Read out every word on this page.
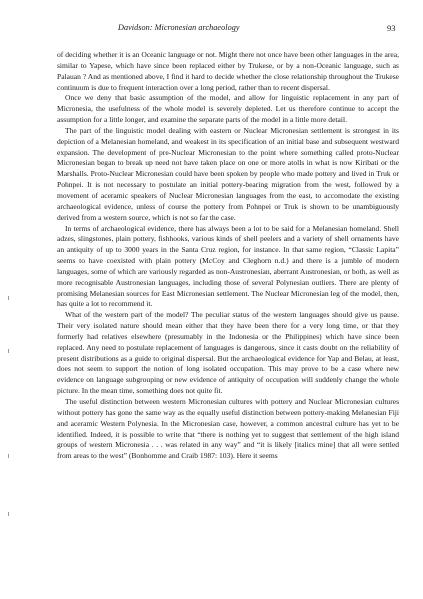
Davidson: Micronesian archaeology	93

of deciding whether it is an Oceanic language or not. Might there not once have been other languages in the area, similar to Yapese, which have since been replaced either by Trukese, or by a non-Oceanic language, such as Palauan ? And as mentioned above, I find it hard to decide whether the close relationship throughout the Trukese continuum is due to frequent interaction over a long period, rather than to recent dispersal.

Once we deny that basic assumption of the model, and allow for linguistic replacement in any part of Micronesia, the usefulness of the whole model is severely depleted. Let us therefore continue to accept the assumption for a little longer, and examine the separate parts of the model in a little more detail.

The part of the linguistic model dealing with eastern or Nuclear Micronesian settlement is strongest in its depiction of a Melanesian homeland, and weakest in its specification of an initial base and subsequent westward expansion. The development of pre-Nuclear Micronesian to the point where something called proto-Nuclear Micronesian began to break up need not have taken place on one or more atolls in what is now Kiribati or the Marshalls. Proto-Nuclear Micronesian could have been spoken by people who made pottery and lived in Truk or Pohnpei. It is not necessary to postulate an initial pottery-bearing migration from the west, followed by a movement of aceramic speakers of Nuclear Micronesian languages from the east, to accomodate the existing archaeological evidence, unless of course the pottery from Pohnpei or Truk is shown to be unambiguously derived from a western source, which is not so far the case.

In terms of archaeological evidence, there has always been a lot to be said for a Melanesian homeland. Shell adzes, slingstones, plain pottery, fishhooks, various kinds of shell peelers and a variety of shell ornaments have an antiquity of up to 3000 years in the Santa Cruz region, for instance. In that same region, “Classic Lapita” seems to have coexisted with plain pottery (McCoy and Cleghorn n.d.) and there is a jumble of modern languages, some of which are variously regarded as non-Austronesian, aberrant Austronesian, or both, as well as more recognisable Austronesian languages, including those of several Polynesian outliers. There are plenty of promising Melanesian sources for East Micronesian settlement. The Nuclear Micronesian leg of the model, then, has quite a lot to recommend it.

What of the western part of the model? The peculiar status of the western languages should give us pause. Their very isolated nature should mean either that they have been there for a very long time, or that they formerly had relatives elsewhere (presumably in the Indonesia or the Philippines) which have since been replaced. Any need to postulate replacement of languages is dangerous, since it casts doubt on the reliability of present distributions as a guide to original dispersal. But the archaeological evidence for Yap and Belau, at least, does not seem to support the notion of long isolated occupation. This may prove to be a case where new evidence on language subgrouping or new evidence of antiquity of occupation will suddenly change the whole picture. In the mean time, something does not quite fit.

The useful distinction between western Micronesian cultures with pottery and Nuclear Micronesian cultures without pottery has gone the same way as the equally useful distinction between pottery-making Melanesian Fiji and aceramic Western Polynesia. In the Micronesian case, however, a common ancestral culture has yet to be identified. Indeed, it is possible to write that “there is nothing yet to suggest that settlement of the high island groups of western Micronesia . . . was related in any way” and “it is likely [italics mine] that all were settled from areas to the west” (Bonhomme and Craib 1987: 103). Here it seems
